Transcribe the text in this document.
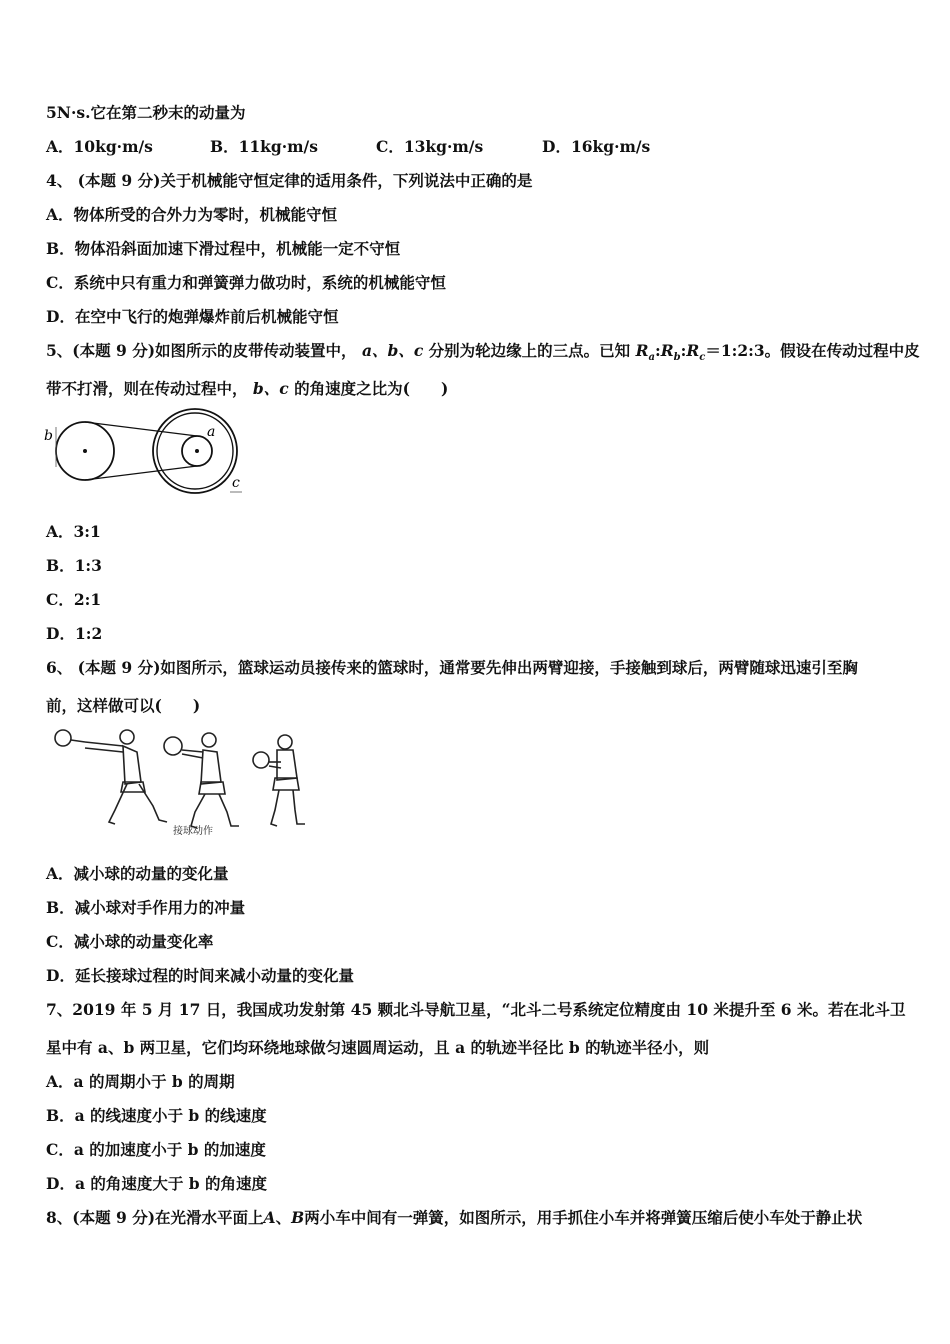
5N·s.它在第二秒末的动量为
A．10kg·m/s	B．11kg·m/s	C．13kg·m/s	D．16kg·m/s
4、 (本题 9 分)关于机械能守恒定律的适用条件，下列说法中正确的是
A．物体所受的合外力为零时，机械能守恒
B．物体沿斜面加速下滑过程中，机械能一定不守恒
C．系统中只有重力和弹簧弹力做功时，系统的机械能守恒
D．在空中飞行的炮弹爆炸前后机械能守恒
5、(本题 9 分)如图所示的皮带传动装置中， a、b、c 分别为轮边缘上的三点。已知 $R_a:R_b:R_c=1:2:3$。假设在传动过程中皮
带不打滑，则在传动过程中， b、c 的角速度之比为(　　)
b	a
c
A．3:1
B．1:3
C．2:1
D．1:2
6、 (本题 9 分)如图所示，篮球运动员接传来的篮球时，通常要先伸出两臂迎接，手接触到球后，两臂随球迅速引至胸
前，这样做可以(　　)
接球动作
A．减小球的动量的变化量
B．减小球对手作用力的冲量
C．减小球的动量变化率
D．延长接球过程的时间来减小动量的变化量
7、2019 年 5 月 17 日，我国成功发射第 45 颗北斗导航卫星，“北斗二号系统定位精度由 10 米提升至 6 米。若在北斗卫
星中有 a、b 两卫星，它们均环绕地球做匀速圆周运动，且 a 的轨迹半径比 b 的轨迹半径小，则
A．a 的周期小于 b 的周期
B．a 的线速度小于 b 的线速度
C．a 的加速度小于 b 的加速度
D．a 的角速度大于 b 的角速度
8、(本题 9 分)在光滑水平面上A、B两小车中间有一弹簧，如图所示，用手抓住小车并将弹簧压缩后使小车处于静止状
